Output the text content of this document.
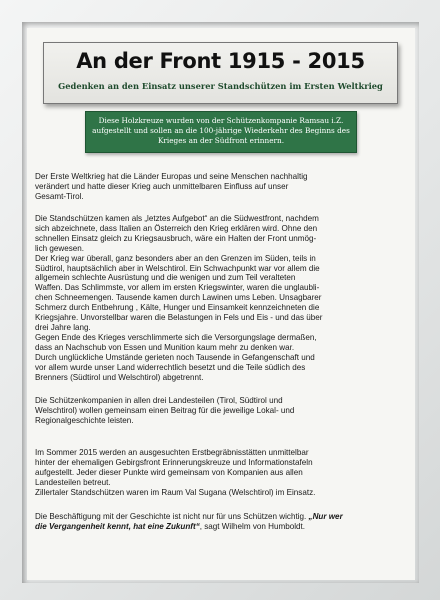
An der Front 1915 - 2015
Gedenken an den Einsatz unserer Standschützen im Ersten Weltkrieg
Diese Holzkreuze wurden von der Schützenkompanie Ramsau i.Z.
aufgestellt und sollen an die 100-jährige Wiederkehr des Beginns des
Krieges an der Südfront erinnern.
Der Erste Weltkrieg hat die Länder Europas und seine Menschen nachhaltig
verändert und hatte dieser Krieg auch unmittelbaren Einfluss auf unser
Gesamt-Tirol.
Die Standschützen kamen als „letztes Aufgebot“ an die Südwestfront, nachdem
sich abzeichnete, dass Italien an Österreich den Krieg erklären wird. Ohne den
schnellen Einsatz gleich zu Kriegsausbruch, wäre ein Halten der Front unmög-
lich gewesen.
Der Krieg war überall, ganz besonders aber an den Grenzen im Süden, teils in
Südtirol, hauptsächlich aber in Welschtirol. Ein Schwachpunkt war vor allem die
allgemein schlechte Ausrüstung und die wenigen und zum Teil veralteten
Waffen. Das Schlimmste, vor allem im ersten Kriegswinter, waren die unglaubli-
chen Schneemengen. Tausende kamen durch Lawinen ums Leben. Unsagbarer
Schmerz durch Entbehrung , Kälte, Hunger und Einsamkeit kennzeichneten die
Kriegsjahre. Unvorstellbar waren die Belastungen in Fels und Eis - und das über
drei Jahre lang.
Gegen Ende des Krieges verschlimmerte sich die Versorgungslage dermaßen,
dass an Nachschub von Essen und Munition kaum mehr zu denken war.
Durch unglückliche Umstände gerieten noch Tausende in Gefangenschaft und
vor allem wurde unser Land widerrechtlich besetzt und die Teile südlich des
Brenners (Südtirol und Welschtirol) abgetrennt.
Die Schützenkompanien in allen drei Landesteilen (Tirol, Südtirol und
Welschtirol) wollen gemeinsam einen Beitrag für die jeweilige Lokal- und
Regionalgeschichte leisten.
Im Sommer 2015 werden an ausgesuchten Erstbegräbnisstätten unmittelbar
hinter der ehemaligen Gebirgsfront Erinnerungskreuze und Informationstafeln
aufgestellt. Jeder dieser Punkte wird gemeinsam von Kompanien aus allen
Landesteilen betreut.
Zillertaler Standschützen waren im Raum Val Sugana (Welschtirol) im Einsatz.
Die Beschäftigung mit der Geschichte ist nicht nur für uns Schützen wichtig. „Nur wer
die Vergangenheit kennt, hat eine Zukunft“, sagt Wilhelm von Humboldt.
